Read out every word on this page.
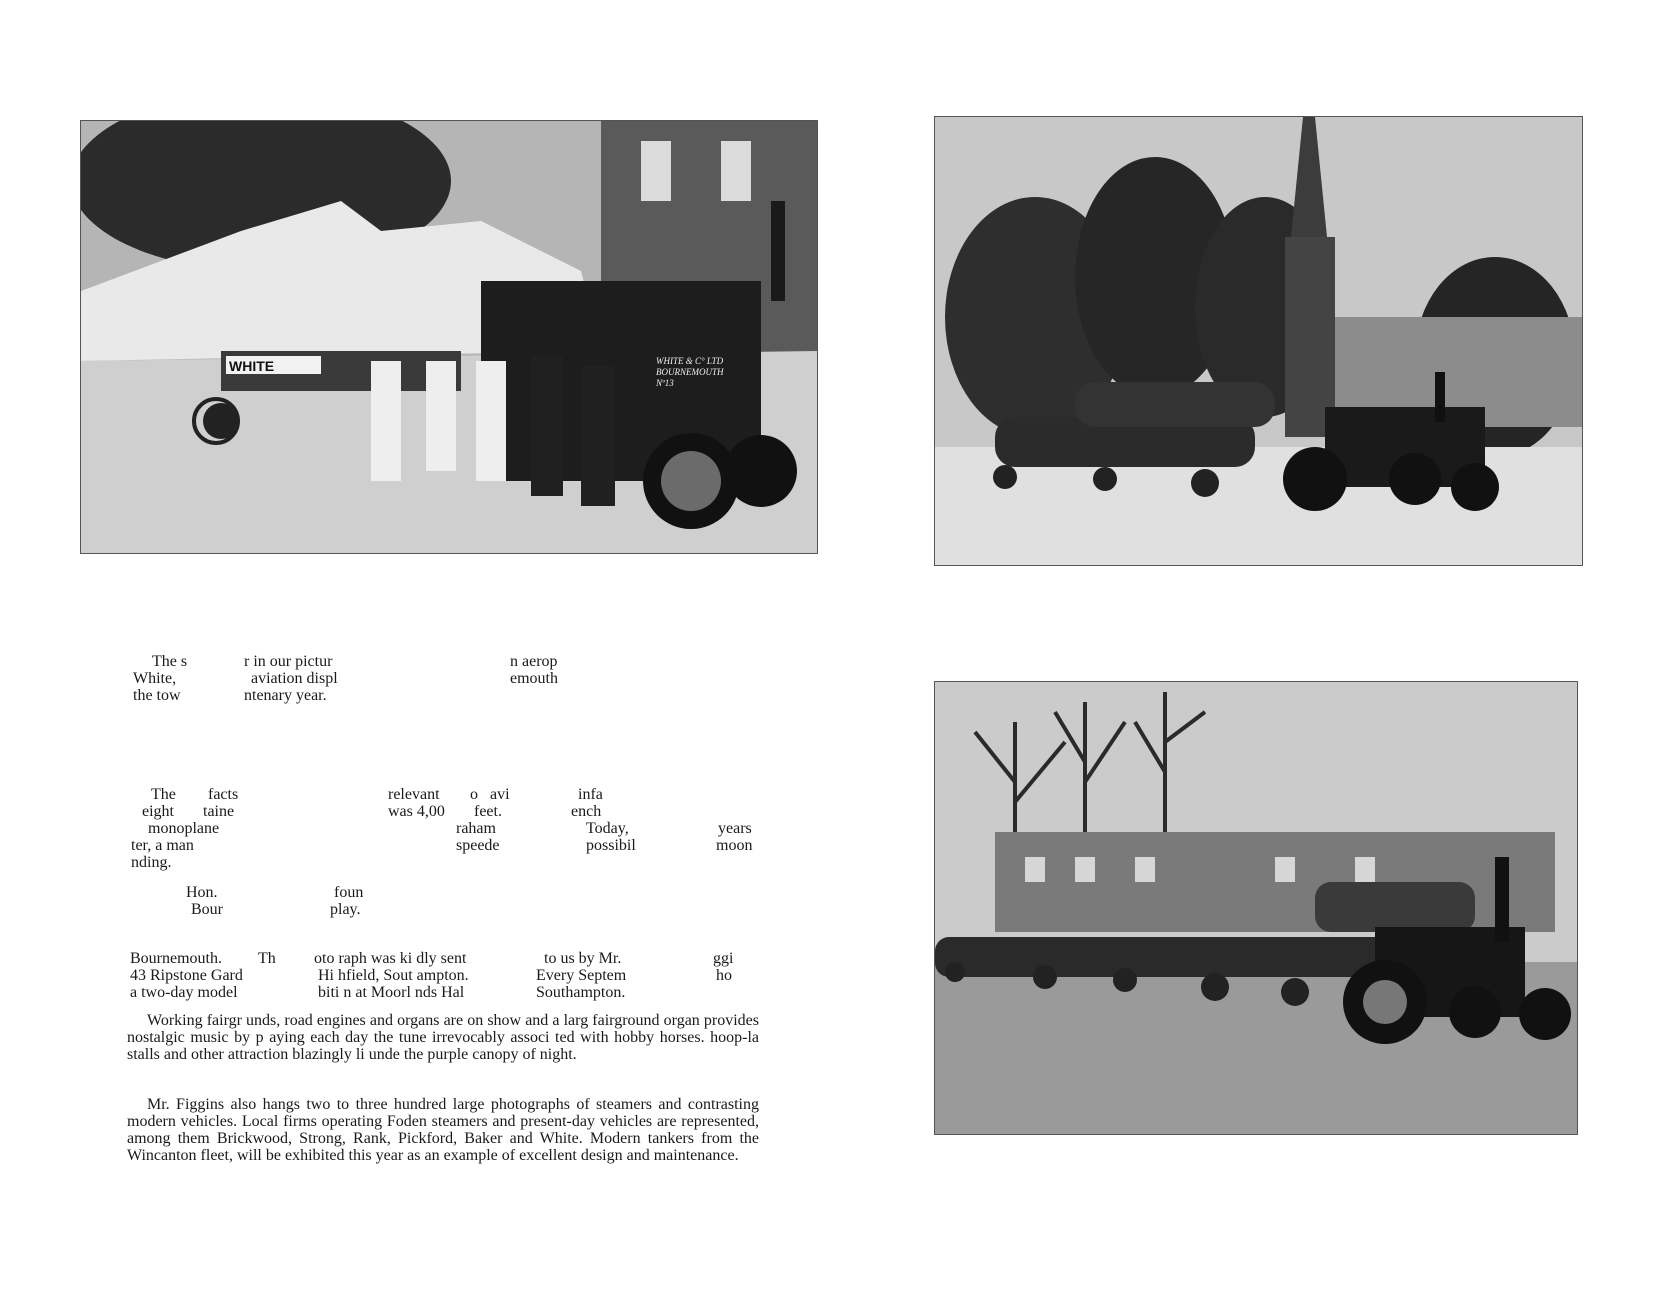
WHITE & C° LTD
BOURNEMOUTH
Nº13
WHITE
The s	r in our pictur	n aerop
White,	aviation displ	emouth
the tow	ntenary year.
The facts	relevant o avi	infa
eight taine	was 4,00 feet.	ench
monoplane	raham	Today,	years
ter, a man	speede	possibil	moon
nding.
Hon.	foun
Bour	play.
Bournemouth. Th oto raph was ki dly sent	to us by Mr.	ggi
43 Ripstone Gard	Hi hfield, Sout ampton.	Every Septem	ho
a two-day model	biti n at Moorl nds Hal	Southampton.
Working fairgr unds, road engines and organs are on show and a larg fairground organ provides nostalgic music by p aying each day the tune irrevocably associ ted with hobby horses. hoop-la stalls and other attraction blazingly li unde the purple canopy of night.
Mr. Figgins also hangs two to three hundred large photographs of steamers and contrasting modern vehicles. Local firms operating Foden steamers and present-day vehicles are represented, among them Brickwood, Strong, Rank, Pickford, Baker and White. Modern tankers from the Wincanton fleet, will be exhibited this year as an example of excellent design and maintenance.
